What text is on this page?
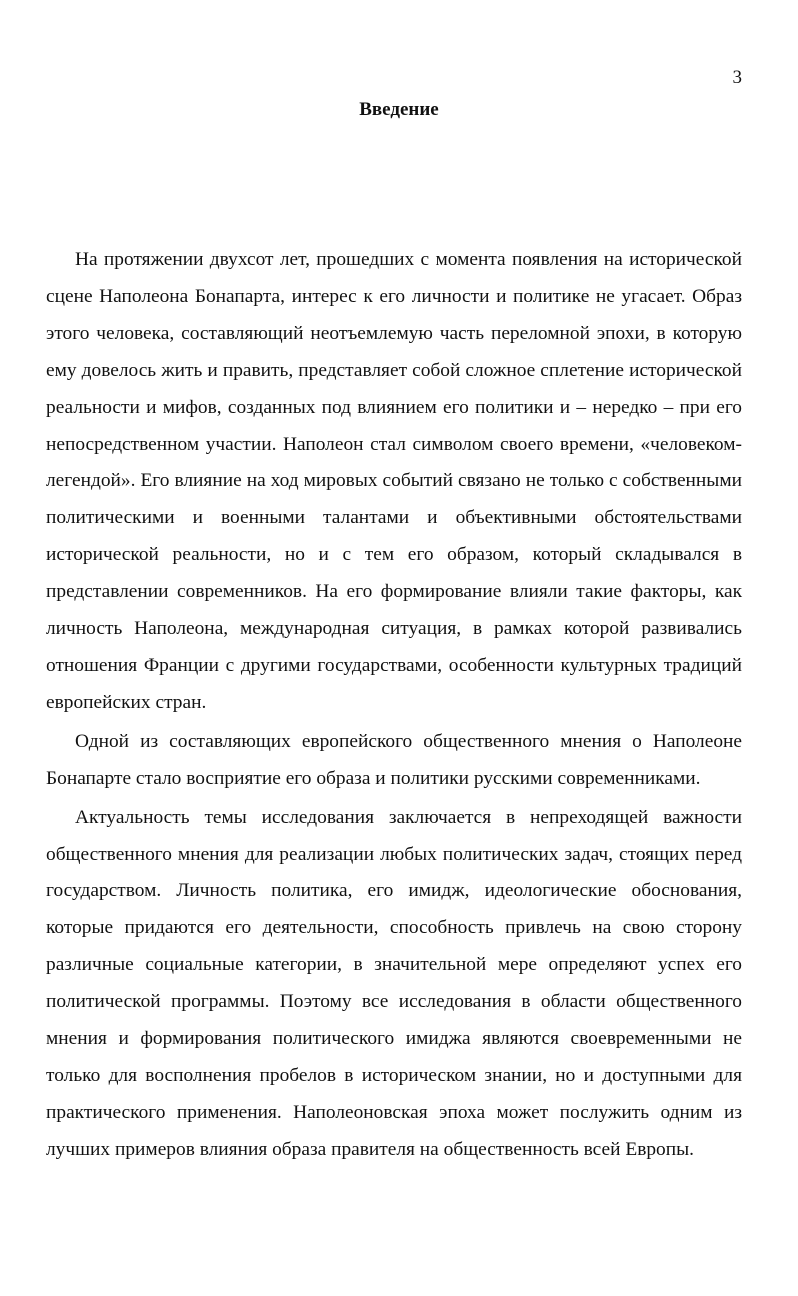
3
Введение

На протяжении двухсот лет, прошедших с момента появления на исторической сцене Наполеона Бонапарта, интерес к его личности и политике не угасает. Образ этого человека, составляющий неотъемлемую часть переломной эпохи, в которую ему довелось жить и править, представляет собой сложное сплетение исторической реальности и мифов, созданных под влиянием его политики и – нередко – при его непосредственном участии. Наполеон стал символом своего времени, «человеком-легендой». Его влияние на ход мировых событий связано не только с собственными политическими и военными талантами и объективными обстоятельствами исторической реальности, но и с тем его образом, который складывался в представлении современников. На его формирование влияли такие факторы, как личность Наполеона, международная ситуация, в рамках которой развивались отношения Франции с другими государствами, особенности культурных традиций европейских стран.

Одной из составляющих европейского общественного мнения о Наполеоне Бонапарте стало восприятие его образа и политики русскими современниками.

Актуальность темы исследования заключается в непреходящей важности общественного мнения для реализации любых политических задач, стоящих перед государством. Личность политика, его имидж, идеологические обоснования, которые придаются его деятельности, способность привлечь на свою сторону различные социальные категории, в значительной мере определяют успех его политической программы. Поэтому все исследования в области общественного мнения и формирования политического имиджа являются своевременными не только для восполнения пробелов в историческом знании, но и доступными для практического применения. Наполеоновская эпоха может послужить одним из лучших примеров влияния образа правителя на общественность всей Европы.
